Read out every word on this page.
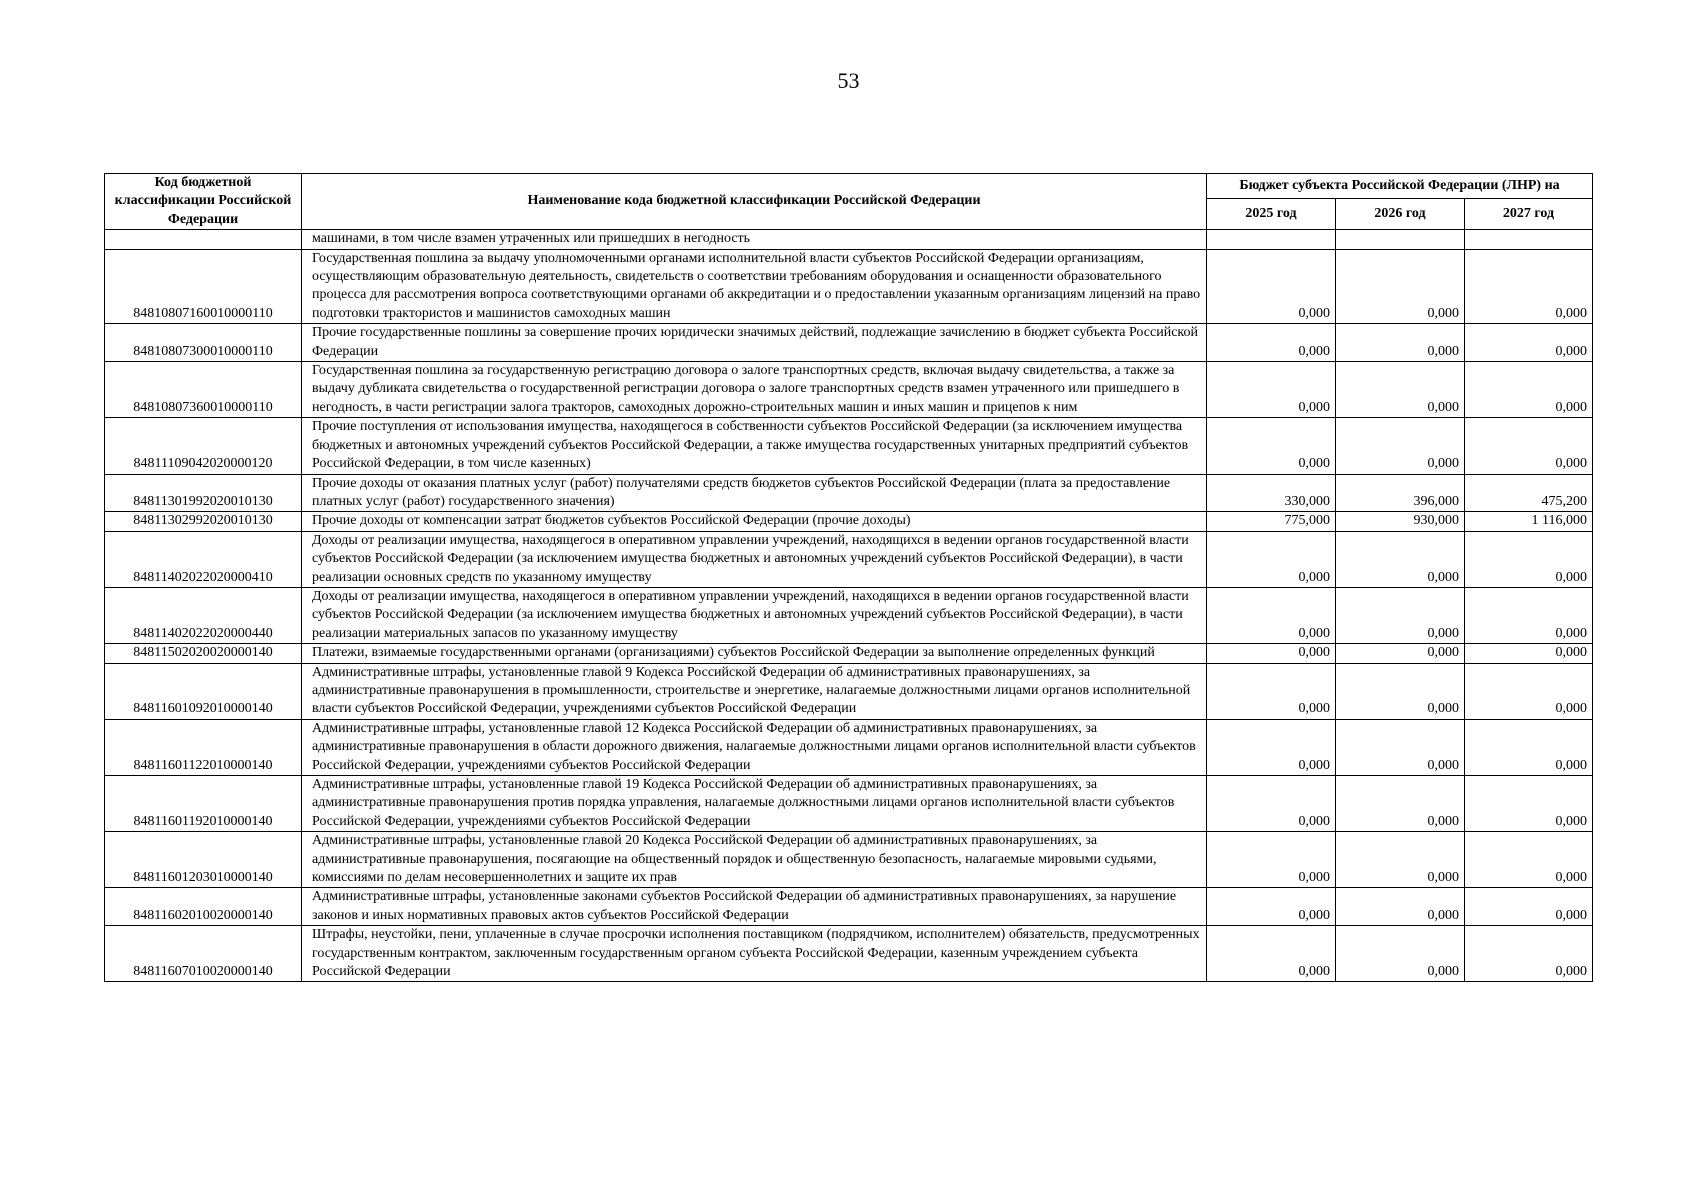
53
Код бюджетной классификации Российской Федерации	Наименование кода бюджетной классификации Российской Федерации	Бюджет субъекта Российской Федерации (ЛНР) на		
		2025 год	2026 год	2027 год
	машинами, в том числе взамен утраченных или пришедших в негодность			
84810807160010000110	Государственная пошлина за выдачу уполномоченными органами исполнительной власти субъектов Российской Федерации организациям, осуществляющим образовательную деятельность, свидетельств о соответствии требованиям оборудования и оснащенности образовательного процесса для рассмотрения вопроса соответствующими органами об аккредитации и о предоставлении указанным организациям лицензий на право подготовки трактористов и машинистов самоходных машин	0,000	0,000	0,000
84810807300010000110	Прочие государственные пошлины за совершение прочих юридически значимых действий, подлежащие зачислению в бюджет субъекта Российской Федерации	0,000	0,000	0,000
84810807360010000110	Государственная пошлина за государственную регистрацию договора о залоге транспортных средств, включая выдачу свидетельства, а также за выдачу дубликата свидетельства о государственной регистрации договора о залоге транспортных средств взамен утраченного или пришедшего в негодность, в части регистрации залога тракторов, самоходных дорожно-строительных машин и иных машин и прицепов к ним	0,000	0,000	0,000
84811109042020000120	Прочие поступления от использования имущества, находящегося в собственности субъектов Российской Федерации (за исключением имущества бюджетных и автономных учреждений субъектов Российской Федерации, а также имущества государственных унитарных предприятий субъектов Российской Федерации, в том числе казенных)	0,000	0,000	0,000
84811301992020010130	Прочие доходы от оказания платных услуг (работ) получателями средств бюджетов субъектов Российской Федерации (плата за предоставление платных услуг (работ) государственного значения)	330,000	396,000	475,200
84811302992020010130	Прочие доходы от компенсации затрат бюджетов субъектов Российской Федерации (прочие доходы)	775,000	930,000	1 116,000
84811402022020000410	Доходы от реализации имущества, находящегося в оперативном управлении учреждений, находящихся в ведении органов государственной власти субъектов Российской Федерации (за исключением имущества бюджетных и автономных учреждений субъектов Российской Федерации), в части реализации основных средств по указанному имуществу	0,000	0,000	0,000
84811402022020000440	Доходы от реализации имущества, находящегося в оперативном управлении учреждений, находящихся в ведении органов государственной власти субъектов Российской Федерации (за исключением имущества бюджетных и автономных учреждений субъектов Российской Федерации), в части реализации материальных запасов по указанному имуществу	0,000	0,000	0,000
84811502020020000140	Платежи, взимаемые государственными органами (организациями) субъектов Российской Федерации за выполнение определенных функций	0,000	0,000	0,000
84811601092010000140	Административные штрафы, установленные главой 9 Кодекса Российской Федерации об административных правонарушениях, за административные правонарушения в промышленности, строительстве и энергетике, налагаемые должностными лицами органов исполнительной власти субъектов Российской Федерации, учреждениями субъектов Российской Федерации	0,000	0,000	0,000
84811601122010000140	Административные штрафы, установленные главой 12 Кодекса Российской Федерации об административных правонарушениях, за административные правонарушения в области дорожного движения, налагаемые должностными лицами органов исполнительной власти субъектов Российской Федерации, учреждениями субъектов Российской Федерации	0,000	0,000	0,000
84811601192010000140	Административные штрафы, установленные главой 19 Кодекса Российской Федерации об административных правонарушениях, за административные правонарушения против порядка управления, налагаемые должностными лицами органов исполнительной власти субъектов Российской Федерации, учреждениями субъектов Российской Федерации	0,000	0,000	0,000
84811601203010000140	Административные штрафы, установленные главой 20 Кодекса Российской Федерации об административных правонарушениях, за административные правонарушения, посягающие на общественный порядок и общественную безопасность, налагаемые мировыми судьями, комиссиями по делам несовершеннолетних и защите их прав	0,000	0,000	0,000
84811602010020000140	Административные штрафы, установленные законами субъектов Российской Федерации об административных правонарушениях, за нарушение законов и иных нормативных правовых актов субъектов Российской Федерации	0,000	0,000	0,000
84811607010020000140	Штрафы, неустойки, пени, уплаченные в случае просрочки исполнения поставщиком (подрядчиком, исполнителем) обязательств, предусмотренных государственным контрактом, заключенным государственным органом субъекта Российской Федерации, казенным учреждением субъекта Российской Федерации	0,000	0,000	0,000
